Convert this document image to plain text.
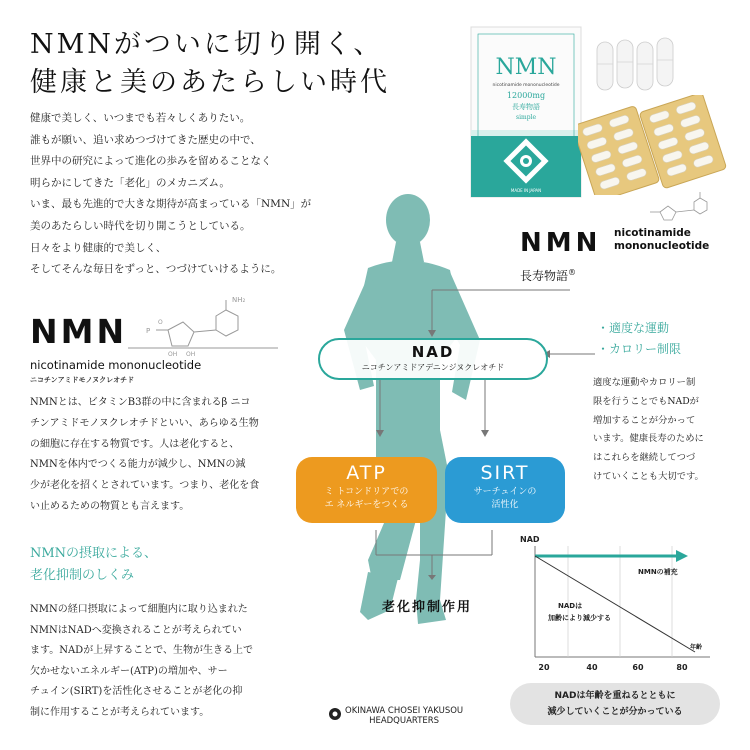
NMNがついに切り開く、
健康と美のあたらしい時代
健康で美しく、いつまでも若々しくありたい。
誰もが願い、追い求めつづけてきた歴史の中で、
世界中の研究によって進化の歩みを留めることなく
明らかにしてきた「老化」のメカニズム。
いま、最も先進的で大きな期待が高まっている「NMN」が
美のあたらしい時代を切り開こうとしている。
日々をより健康的で美しく、
そしてそんな毎日をずっと、つづけていけるように。
NMN
nicotinamide mononucleotide
12000mg
長寿物語
simple
MADE IN JAPAN
NMN
NH₂
P
O
OH OH
nicotinamide mononucleotide
ニコチンアミドモノヌクレオチド
NMNとは、ビタミンB3群の中に含まれるβ ニコ
チンアミドモノヌクレオチドといい、あらゆる生物
の細胞に存在する物質です。人は老化すると、
NMNを体内でつくる能力が減少し、NMNの減
少が老化を招くとされています。つまり、老化を食
い止めるための物質とも言えます。
NMNの摂取による、
老化抑制のしくみ
NMNの経口摂取によって細胞内に取り込まれた
NMNはNADへ変換されることが考えられてい
ます。NADが上昇することで、生物が生きる上で
欠かせないエネルギー(ATP)の増加や、サー
チュイン(SIRT)を活性化させることが老化の抑
制に作用することが考えられています。
NMN nicotinamide
mononucleotide
長寿物語®
NAD
ニコチンアミドアデニンジヌクレオチド
・適度な運動
・カロリー制限
適度な運動やカロリー制
限を行うことでもNADが
増加することが分かって
います。健康長寿のために
はこれらを継続してつづ
けていくことも大切です。
ATP
ミ トコンドリアでの
エ ネルギーをつくる
SIRT
サーチュインの
活性化
老化抑制作用
NAD
NMNの補充
NADは
加齢により減少する
年齢
20	40	60	80
NADは年齢を重ねるとともに
減少していくことが分かっている
OKINAWA CHOSEI YAKUSOU
HEADQUARTERS
